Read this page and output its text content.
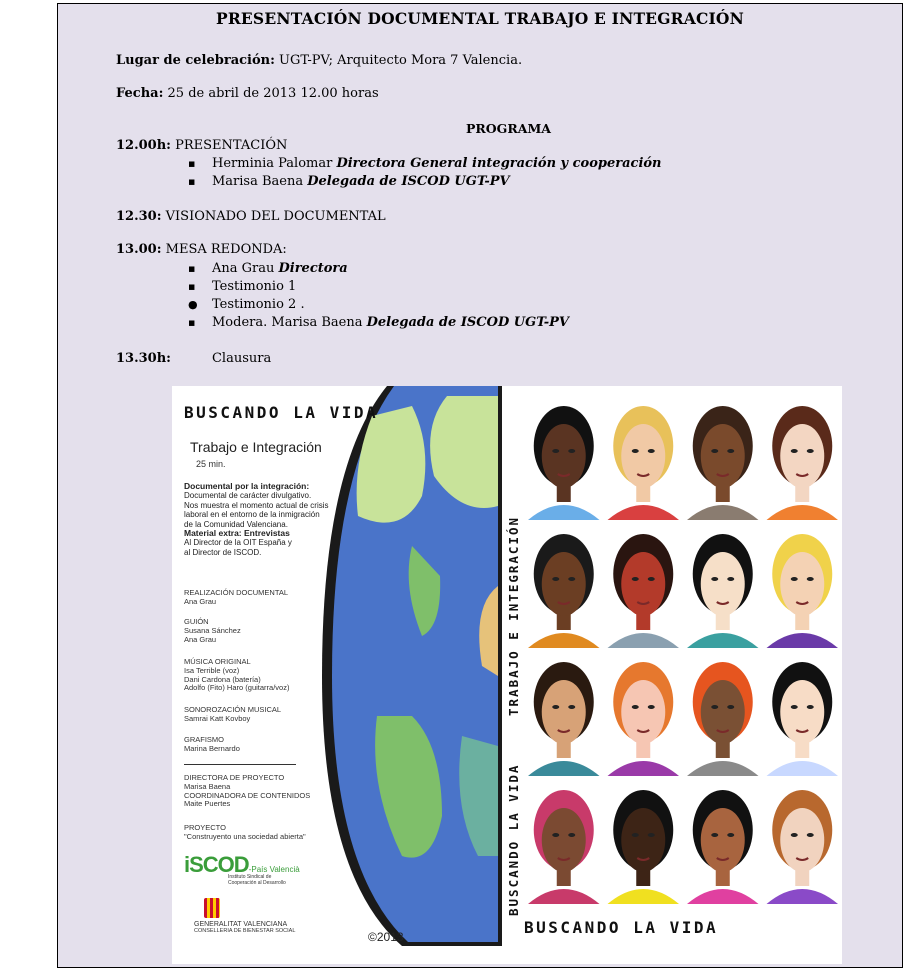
PRESENTACIÓN DOCUMENTAL TRABAJO E INTEGRACIÓN
Lugar de celebración: UGT-PV; Arquitecto Mora 7 Valencia.
Fecha: 25 de abril de 2013 12.00 horas
PROGRAMA
12.00h: PRESENTACIÓN
▪ Herminia Palomar Directora General integración y cooperación
▪ Marisa Baena Delegada de ISCOD UGT-PV
12.30: VISIONADO DEL DOCUMENTAL
13.00: MESA REDONDA:
▪ Ana Grau Directora
▪ Testimonio 1
● Testimonio 2 .
▪ Modera. Marisa Baena Delegada de ISCOD UGT-PV
13.30h:	Clausura
BUSCANDO LA VIDA
Trabajo e Integración
25 min.
Documental por la integración:
Documental de carácter divulgativo.
Nos muestra el momento actual de crisis
laboral en el entorno de la inmigración
de la Comunidad Valenciana.
Material extra: Entrevistas
Al Director de la OIT España y
al Director de ISCOD.
REALIZACIÓN DOCUMENTAL
Ana Grau
GUIÓN
Susana Sánchez
Ana Grau
MÚSICA ORIGINAL
Isa Terrible (voz)
Dani Cardona (batería)
Adolfo (Fito) Haro (guitarra/voz)
SONOROZACIÓN MUSICAL
Samrai Katt Kovboy
GRAFISMO
Marina Bernardo
DIRECTORA DE PROYECTO
Marisa Baena
COORDINADORA DE CONTENIDOS
Maite Puertes
PROYECTO
"Construyento una sociedad abierta"
iSCOD-País Valencià
Instituto Sindical de
Cooperación al Desarrollo
GENERALITAT VALENCIANA
CONSELLERIA DE BIENESTAR SOCIAL	©2013
TRABAJO E INTEGRACIÓN
BUSCANDO LA VIDA
BUSCANDO LA VIDA
